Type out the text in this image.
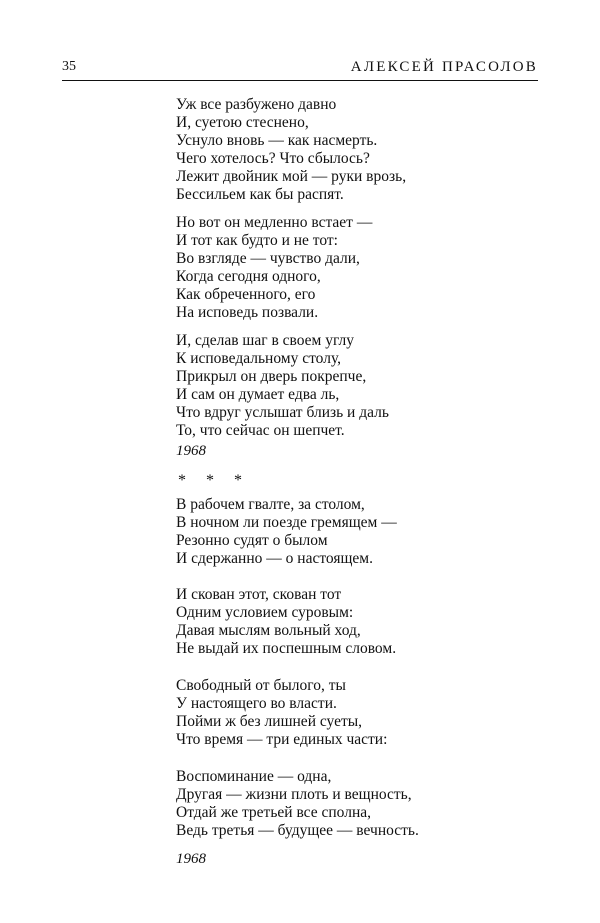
35	АЛЕКСЕЙ ПРАСОЛОВ

Уж все разбужено давно
И, суетою стеснено,
Уснуло вновь — как насмерть.
Чего хотелось? Что сбылось?
Лежит двойник мой — руки врозь,
Бессильем как бы распят.

Но вот он медленно встает —
И тот как будто и не тот:
Во взгляде — чувство дали,
Когда сегодня одного,
Как обреченного, его
На исповедь позвали.

И, сделав шаг в своем углу
К исповедальному столу,
Прикрыл он дверь покрепче,
И сам он думает едва ль,
Что вдруг услышат близь и даль
То, что сейчас он шепчет.

1968
* * *

В рабочем гвалте, за столом,
В ночном ли поезде гремящем —
Резонно судят о былом
И сдержанно — о настоящем.

И скован этот, скован тот
Одним условием суровым:
Давая мыслям вольный ход,
Не выдай их поспешным словом.

Свободный от былого, ты
У настоящего во власти.
Пойми ж без лишней суеты,
Что время — три единых части:

Воспоминание — одна,
Другая — жизни плоть и вещность,
Отдай же третьей все сполна,
Ведь третья — будущее — вечность.

1968
